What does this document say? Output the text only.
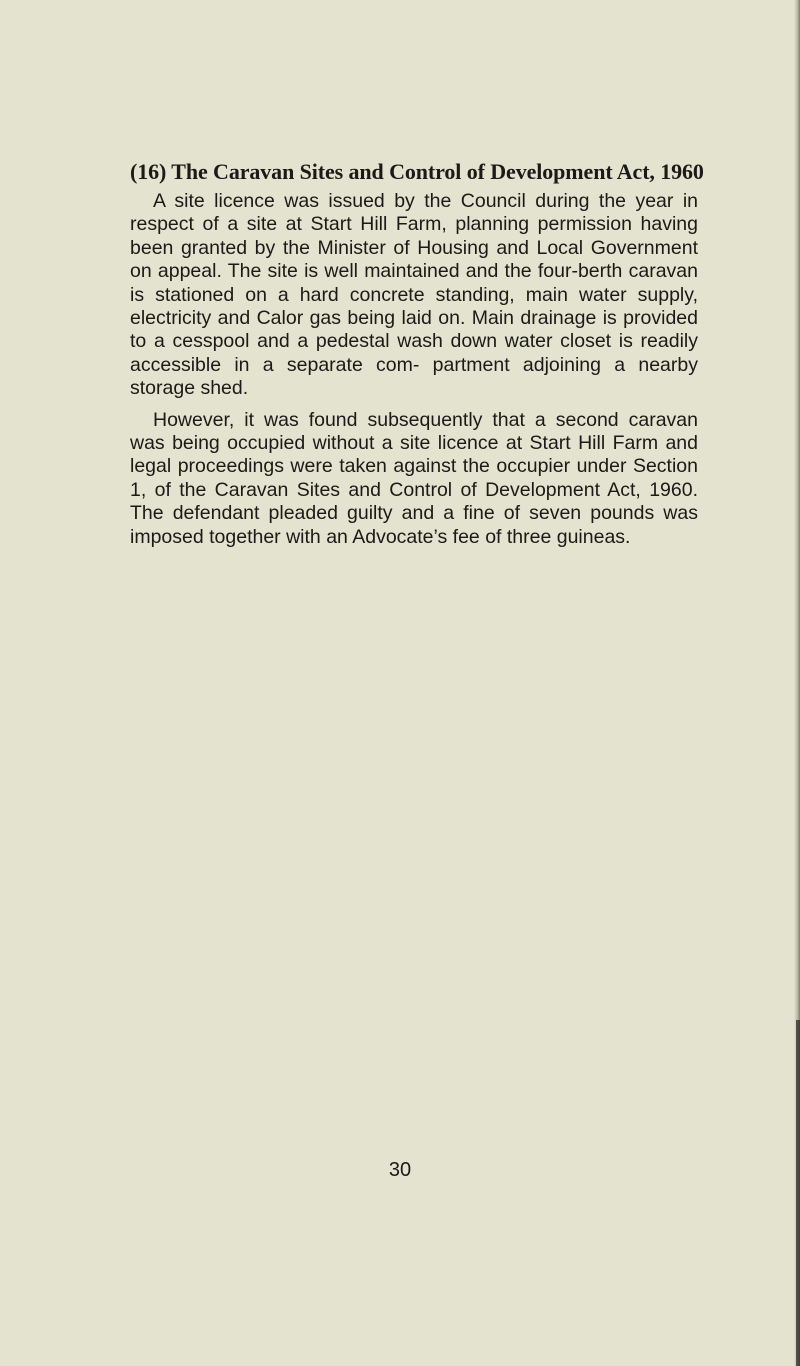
(16) The Caravan Sites and Control of Development Act, 1960

A site licence was issued by the Council during the year in respect of a site at Start Hill Farm, planning permission having been granted by the Minister of Housing and Local Government on appeal. The site is well maintained and the four-berth caravan is stationed on a hard concrete standing, main water supply, electricity and Calor gas being laid on. Main drainage is provided to a cesspool and a pedestal wash down water closet is readily accessible in a separate com- partment adjoining a nearby storage shed.

However, it was found subsequently that a second caravan was being occupied without a site licence at Start Hill Farm and legal proceedings were taken against the occupier under Section 1, of the Caravan Sites and Control of Development Act, 1960. The defendant pleaded guilty and a fine of seven pounds was imposed together with an Advocate’s fee of three guineas.

30
